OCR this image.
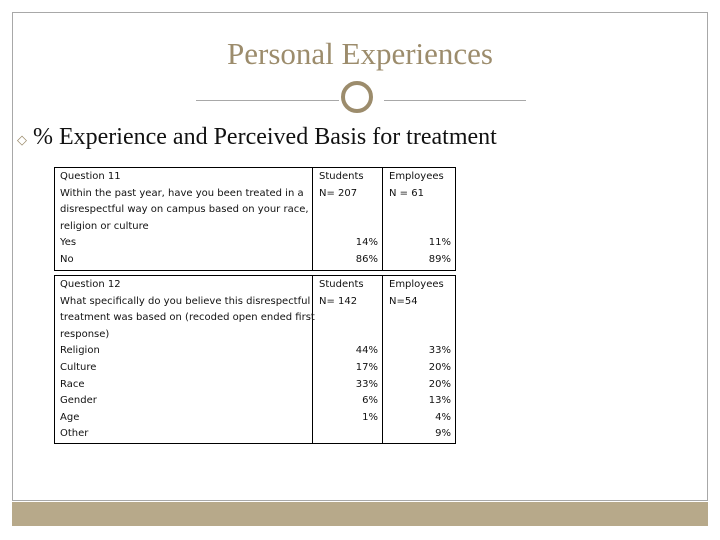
Personal Experiences
◇ % Experience and Perceived Basis for treatment
Question 11
Within the past year, have you been treated in a
disrespectful way on campus based on your race,
religion or culture
Yes
No
Students
N= 207
14%
86%
Employees
N = 61
11%
89%
Question 12
What specifically do you believe this disrespectful
treatment was based on (recoded open ended first
response)
Religion
Culture
Race
Gender
Age
Other
Students
N= 142
44%
17%
33%
6%
1%
Employees
N=54
33%
20%
20%
13%
4%
9%
